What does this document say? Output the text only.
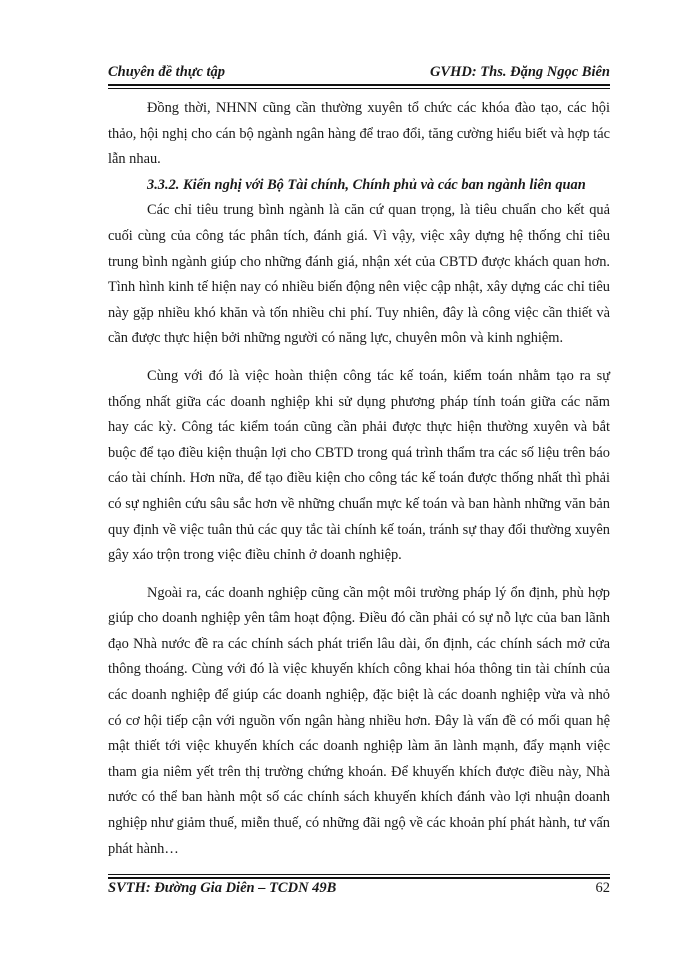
Chuyên đề thực tập	GVHD: Ths. Đặng Ngọc Biên

Đồng thời, NHNN cũng cần thường xuyên tổ chức các khóa đào tạo, các hội thảo, hội nghị cho cán bộ ngành ngân hàng để trao đổi, tăng cường hiểu biết và hợp tác lẫn nhau.

3.3.2. Kiến nghị với Bộ Tài chính, Chính phủ và các ban ngành liên quan

Các chỉ tiêu trung bình ngành là căn cứ quan trọng, là tiêu chuẩn cho kết quả cuối cùng của công tác phân tích, đánh giá. Vì vậy, việc xây dựng hệ thống chỉ tiêu trung bình ngành giúp cho những đánh giá, nhận xét của CBTD được khách quan hơn. Tình hình kinh tế hiện nay có nhiều biến động nên việc cập nhật, xây dựng các chỉ tiêu này gặp nhiều khó khăn và tốn nhiều chi phí. Tuy nhiên, đây là công việc cần thiết và cần được thực hiện bởi những người có năng lực, chuyên môn và kinh nghiệm.

Cùng với đó là việc hoàn thiện công tác kế toán, kiểm toán nhằm tạo ra sự thống nhất giữa các doanh nghiệp khi sử dụng phương pháp tính toán giữa các năm hay các kỳ. Công tác kiểm toán cũng cần phải được thực hiện thường xuyên và bắt buộc để tạo điều kiện thuận lợi cho CBTD trong quá trình thẩm tra các số liệu trên báo cáo tài chính. Hơn nữa, để tạo điều kiện cho công tác kế toán được thống nhất thì phải có sự nghiên cứu sâu sắc hơn về những chuẩn mực kế toán và ban hành những văn bản quy định về việc tuân thủ các quy tắc tài chính kế toán, tránh sự thay đổi thường xuyên gây xáo trộn trong việc điều chỉnh ở doanh nghiệp.

Ngoài ra, các doanh nghiệp cũng cần một môi trường pháp lý ổn định, phù hợp giúp cho doanh nghiệp yên tâm hoạt động. Điều đó cần phải có sự nỗ lực của ban lãnh đạo Nhà nước đề ra các chính sách phát triển lâu dài, ổn định, các chính sách mở cửa thông thoáng. Cùng với đó là việc khuyến khích công khai hóa thông tin tài chính của các doanh nghiệp để giúp các doanh nghiệp, đặc biệt là các doanh nghiệp vừa và nhỏ có cơ hội tiếp cận với nguồn vốn ngân hàng nhiều hơn. Đây là vấn đề có mối quan hệ mật thiết tới việc khuyến khích các doanh nghiệp làm ăn lành mạnh, đẩy mạnh việc tham gia niêm yết trên thị trường chứng khoán. Để khuyến khích được điều này, Nhà nước có thể ban hành một số các chính sách khuyến khích đánh vào lợi nhuận doanh nghiệp như giảm thuế, miễn thuế, có những đãi ngộ về các khoản phí phát hành, tư vấn phát hành…

SVTH: Đường Gia Diên – TCDN 49B	62
